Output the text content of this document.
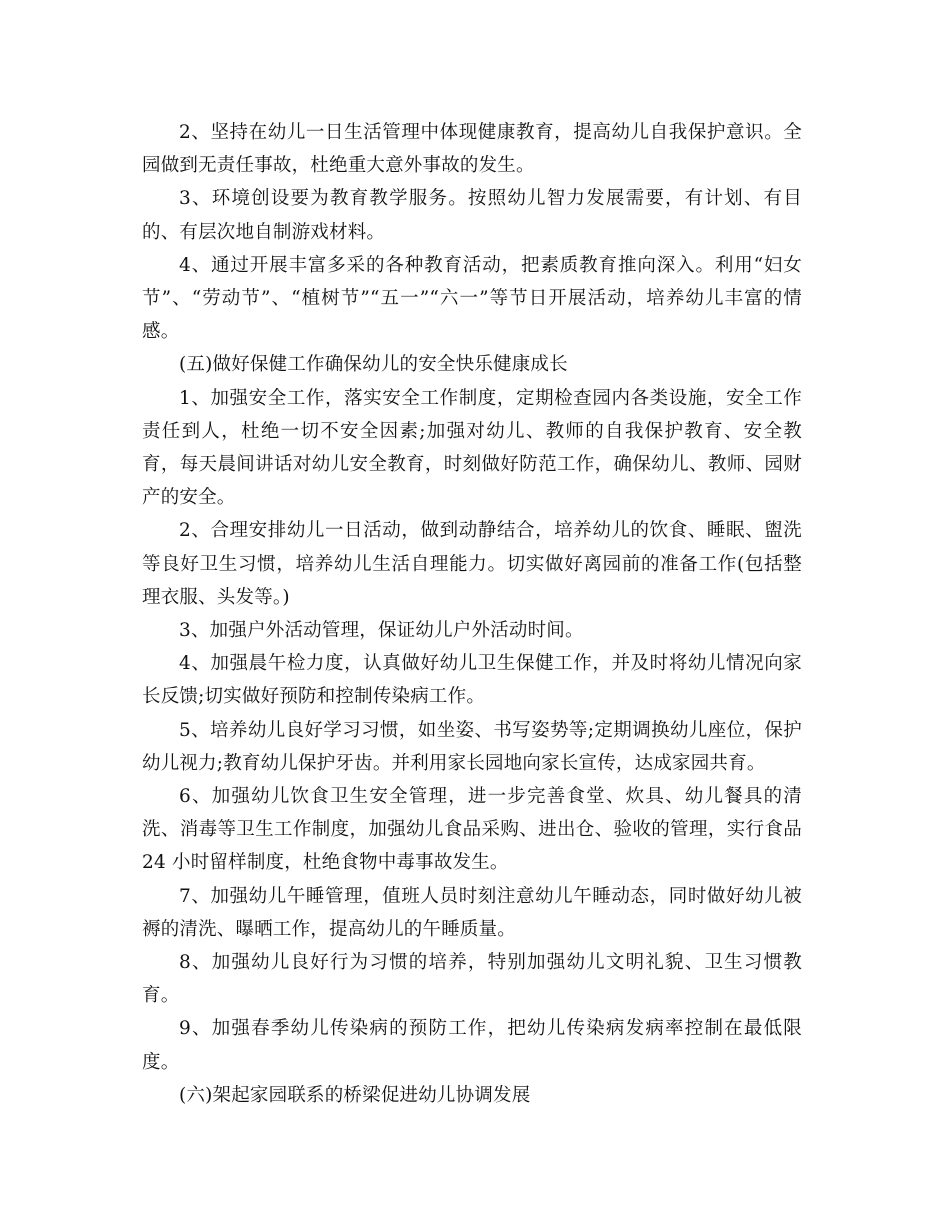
2、坚持在幼儿一日生活管理中体现健康教育，提高幼儿自我保护意识。全园做到无责任事故，杜绝重大意外事故的发生。

3、环境创设要为教育教学服务。按照幼儿智力发展需要，有计划、有目的、有层次地自制游戏材料。

4、通过开展丰富多采的各种教育活动，把素质教育推向深入。利用“妇女节”、“劳动节”、“植树节”“五一”“六一”等节日开展活动，培养幼儿丰富的情感。

(五)做好保健工作确保幼儿的安全快乐健康成长

1、加强安全工作，落实安全工作制度，定期检查园内各类设施，安全工作责任到人，杜绝一切不安全因素;加强对幼儿、教师的自我保护教育、安全教育，每天晨间讲话对幼儿安全教育，时刻做好防范工作，确保幼儿、教师、园财产的安全。

2、合理安排幼儿一日活动，做到动静结合，培养幼儿的饮食、睡眠、盥洗等良好卫生习惯，培养幼儿生活自理能力。切实做好离园前的准备工作(包括整理衣服、头发等。)

3、加强户外活动管理，保证幼儿户外活动时间。

4、加强晨午检力度，认真做好幼儿卫生保健工作，并及时将幼儿情况向家长反馈;切实做好预防和控制传染病工作。

5、培养幼儿良好学习习惯，如坐姿、书写姿势等;定期调换幼儿座位，保护幼儿视力;教育幼儿保护牙齿。并利用家长园地向家长宣传，达成家园共育。

6、加强幼儿饮食卫生安全管理，进一步完善食堂、炊具、幼儿餐具的清洗、消毒等卫生工作制度，加强幼儿食品采购、进出仓、验收的管理，实行食品 24 小时留样制度，杜绝食物中毒事故发生。

7、加强幼儿午睡管理，值班人员时刻注意幼儿午睡动态，同时做好幼儿被褥的清洗、曝晒工作，提高幼儿的午睡质量。

8、加强幼儿良好行为习惯的培养，特别加强幼儿文明礼貌、卫生习惯教育。

9、加强春季幼儿传染病的预防工作，把幼儿传染病发病率控制在最低限度。

(六)架起家园联系的桥梁促进幼儿协调发展
